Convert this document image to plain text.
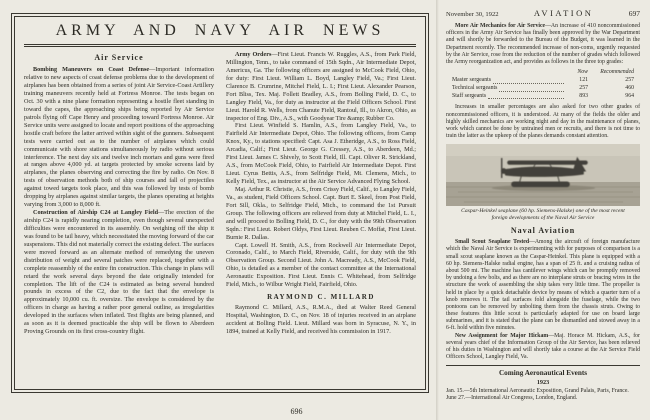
ARMY AND NAVY AIR NEWS
Air Service

Bombing Maneuvers on Coast Defense—Important information relative to new aspects of coast defense problems due to the development of airplanes has been obtained from a series of joint Air Service-Coast Artillery training maneuvers recently held at Fortress Monroe. The tests began on Oct. 30 with a nine plane formation representing a hostile fleet standing in toward the capes, the approaching ships being reported by Air Service patrols flying off Cape Henry and proceeding toward Fortress Monroe. Air Service units were assigned to locate and report positions of the approaching hostile craft before the latter arrived within sight of the gunners. Subsequent tests were carried out as to the number of airplanes which could communicate with shore stations simultaneously by radio without serious interference. The next day six and twelve inch mortars and guns were fired at ranges above 4,000 yd. at targets protected by smoke screens laid by airplanes, the planes observing and correcting the fire by radio. On Nov. 8 tests of observation methods both of ship courses and fall of projectiles against towed targets took place, and this was followed by tests of bomb dropping by airplanes against similar targets, the planes operating at heights varying from 3,000 to 8,000 ft.

Construction of Airship C24 at Langley Field—The erection of the airship C24 is rapidly nearing completion, even though several unexpected difficulties were encountered in its assembly. On weighing off the ship it was found to be tail heavy, which necessitated the moving forward of the car suspensions. This did not materially correct the existing defect. The surfaces were moved forward as an alternate method of remedying the uneven distribution of weight and several patches were replaced, together with a complete reassembly of the entire fin construction. This change in plans will retard the work several days beyond the date originally intended for completion. The lift of the C24 is estimated as being several hundred pounds in excess of the C2, due to the fact that the envelope is approximately 10,000 cu. ft. oversize. The envelope is considered by the officers in charge as having a rather poor general outline, as irregularities developed in the surfaces when inflated. Test flights are being planned, and as soon as it is deemed practicable the ship will be flown to Aberdeen Proving Grounds on its first cross-country flight.

Army Orders—First Lieut. Francis W. Ruggles, A.S., from Park Field, Millington, Tenn., to take command of 15th Sqdn., Air Intermediate Depot, Americus, Ga. The following officers are assigned to McCook Field, Ohio, for duty: First Lieut. William L. Boyd, Langley Field, Va.; First Lieut. Clarence B. Crumrine, Mitchel Field, L. I.; First Lieut. Alexander Pearson, Fort Bliss, Tex. Maj. Follett Bradley, A.S., from Bolling Field, D. C., to Langley Field, Va., for duty as instructor at the Field Officers School. First Lieut. Harold R. Wells, from Chanute Field, Rantoul, Ill., to Akron, Ohio, as inspector of Eng. Div., A.S., with Goodyear Tire &amp; Rubber Co.

First Lieut. Winfield S. Hamlin, A.S., from Langley Field, Va., to Fairfield Air Intermediate Depot, Ohio. The following officers, from Camp Knox, Ky., to stations specified: Capt. Asa J. Etheridge, A.S., to Ross Field, Arcadia, Calif.; First Lieut. George G. Cressey, A.S., to Aberdeen, Md.; First Lieut. James C. Shively, to Scott Field, Ill. Capt. Oliver R. Strickland, A.S., from McCook Field, Ohio, to Fairfield Air Intermediate Depot. First Lieut. Cyrus Bettis, A.S., from Selfridge Field, Mt. Clemens, Mich., to Kelly Field, Tex., as instructor at the Air Service Advanced Flying School.

Maj. Arthur R. Christie, A.S., from Crissy Field, Calif., to Langley Field, Va., as student, Field Officers School. Capt. Burt E. Skeel, from Post Field, Fort Sill, Okla., to Selfridge Field, Mich., to command the 1st Pursuit Group. The following officers are relieved from duty at Mitchel Field, L. I., and will proceed to Bolling Field, D. C., for duty with the 99th Observation Sqdn.: First Lieut. Robert Oldys, First Lieut. Reuben C. Moffat, First Lieut. Burnie R. Dallas.

Capt. Lowell H. Smith, A.S., from Rockwell Air Intermediate Depot, Coronado, Calif., to March Field, Riverside, Calif., for duty with the 9th Observation Group. Second Lieut. John A. Macready, A.S., McCook Field, Ohio, is detailed as a member of the contact committee at the International Aeronautic Exposition. First Lieut. Ennis C. Whitehead, from Selfridge Field, Mich., to Wilbur Wright Field, Fairfield, Ohio.

RAYMOND C. MILLARD

Raymond C. Millard, A.S., R.M.A., died at Walter Reed General Hospital, Washington, D. C., on Nov. 18 of injuries received in an airplane accident at Bolling Field. Lieut. Millard was born in Syracuse, N. Y., in 1894, trained at Kelly Field, and received his commission in 1917.

696
November 30, 1922	AVIATION	697

More Air Mechanics for Air Service—An increase of 410 noncommissioned officers in the Army Air Service has finally been approved by the War Department and will shortly be forwarded to the Bureau of the Budget, it was learned in the Department recently. The recommended increase of non-coms, urgently requested by the Air Service, rose from the reduction of the number of grades which followed the Army reorganization act, and provides as follows in the three top grades:

Now	Recommended
Master sergeants	121	257
Technical sergeants	257	460
Staff sergeants	893	964

Increases in smaller percentages are also asked for two other grades of noncommissioned officers, it is understood. At many of the fields the older and highly skilled mechanics are working night and day in the maintenance of planes, work which cannot be done by untrained men or recruits, and there is not time to train the latter as the upkeep of the planes demands constant attention.

Caspar-Heinkel seaplane (60 hp. Siemens-Halske) one of the most recent foreign developments of the Naval Air Service
Naval Aviation

Small Scout Seaplane Tested—Among the aircraft of foreign manufacture which the Naval Air Service is experimenting with for purposes of comparison is a small scout seaplane known as the Caspar-Heinkel. This plane is equipped with a 60 hp. Siemens-Halske radial engine, has a span of 25 ft. and a cruising radius of about 500 mi. The machine has cantilever wings which can be promptly removed by undoing a few bolts, and as there are no interplane struts or bracing wires in the structure the work of assembling the ship takes very little time. The propeller is held in place by a quick detachable device by means of which a quarter turn of a knob removes it. The tail surfaces fold alongside the fuselage, while the two pontoons can be removed by unbolting them from the chassis struts. Owing to these features this little scout is particularly adapted for use on board large submarines, and it is stated that the plane can be dismantled and stowed away in a 6-ft. hold within five minutes.

New Assignment for Major Hickam—Maj. Horace M. Hickam, A.S., for several years chief of the Information Group of the Air Service, has been relieved of his duties in Washington and will shortly take a course at the Air Service Field Officers School, Langley Field, Va.

Coming Aeronautical Events
1923
Jan. 15.—5th International Aeronautic Exposition, Grand Palais, Paris, France.
June 27.—International Air Congress, London, England.
